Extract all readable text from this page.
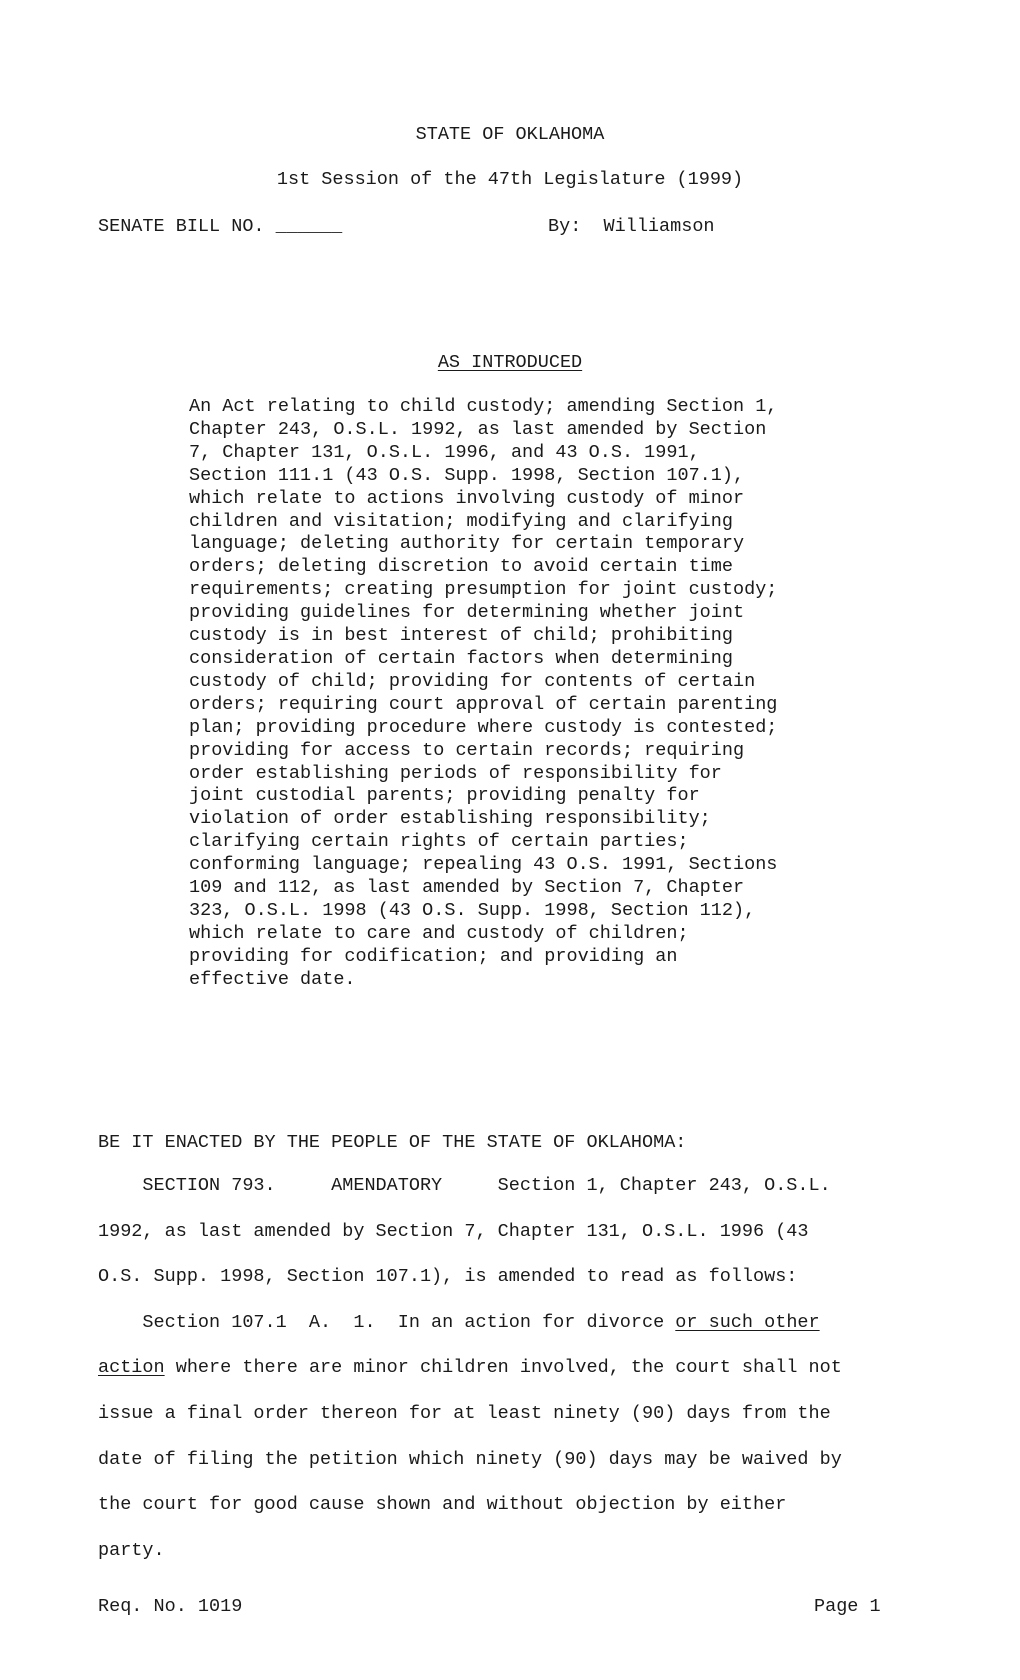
STATE OF OKLAHOMA
1st Session of the 47th Legislature (1999)
SENATE BILL NO. ______	By:  Williamson
AS INTRODUCED
An Act relating to child custody; amending Section 1,
Chapter 243, O.S.L. 1992, as last amended by Section
7, Chapter 131, O.S.L. 1996, and 43 O.S. 1991,
Section 111.1 (43 O.S. Supp. 1998, Section 107.1),
which relate to actions involving custody of minor
children and visitation; modifying and clarifying
language; deleting authority for certain temporary
orders; deleting discretion to avoid certain time
requirements; creating presumption for joint custody;
providing guidelines for determining whether joint
custody is in best interest of child; prohibiting
consideration of certain factors when determining
custody of child; providing for contents of certain
orders; requiring court approval of certain parenting
plan; providing procedure where custody is contested;
providing for access to certain records; requiring
order establishing periods of responsibility for
joint custodial parents; providing penalty for
violation of order establishing responsibility;
clarifying certain rights of certain parties;
conforming language; repealing 43 O.S. 1991, Sections
109 and 112, as last amended by Section 7, Chapter
323, O.S.L. 1998 (43 O.S. Supp. 1998, Section 112),
which relate to care and custody of children;
providing for codification; and providing an
effective date.
BE IT ENACTED BY THE PEOPLE OF THE STATE OF OKLAHOMA:
SECTION 793.     AMENDATORY     Section 1, Chapter 243, O.S.L.
1992, as last amended by Section 7, Chapter 131, O.S.L. 1996 (43
O.S. Supp. 1998, Section 107.1), is amended to read as follows:
Section 107.1  A.  1.  In an action for divorce or such other
action where there are minor children involved, the court shall not
issue a final order thereon for at least ninety (90) days from the
date of filing the petition which ninety (90) days may be waived by
the court for good cause shown and without objection by either
party.
Req. No. 1019	Page 1
